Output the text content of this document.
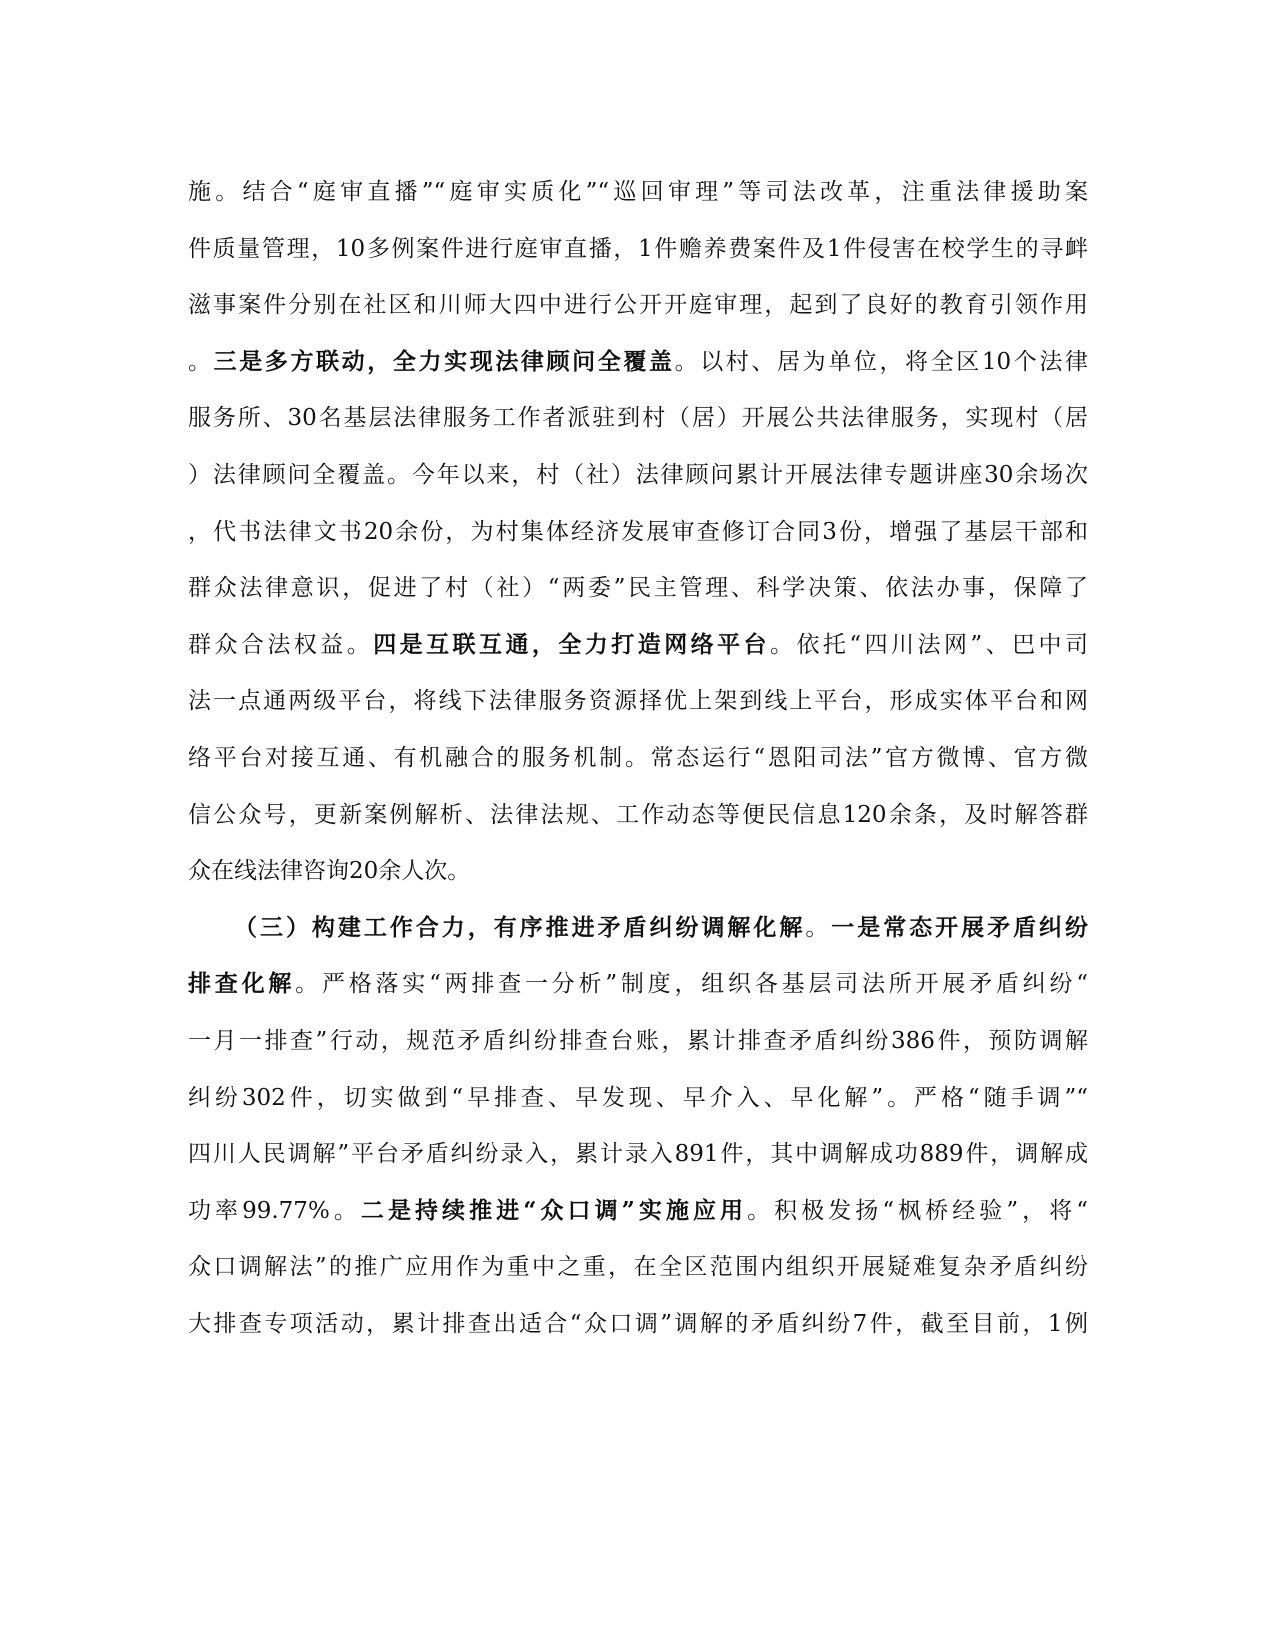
施。结合“庭审直播”“庭审实质化”“巡回审理”等司法改革，注重法律援助案
件质量管理，10多例案件进行庭审直播，1件赡养费案件及1件侵害在校学生的寻衅
滋事案件分别在社区和川师大四中进行公开开庭审理，起到了良好的教育引领作用
。三是多方联动，全力实现法律顾问全覆盖。以村、居为单位，将全区10个法律
服务所、30名基层法律服务工作者派驻到村（居）开展公共法律服务，实现村（居
）法律顾问全覆盖。今年以来，村（社）法律顾问累计开展法律专题讲座30余场次
，代书法律文书20余份，为村集体经济发展审查修订合同3份，增强了基层干部和
群众法律意识，促进了村（社）“两委”民主管理、科学决策、依法办事，保障了
群众合法权益。四是互联互通，全力打造网络平台。依托“四川法网”、巴中司
法一点通两级平台，将线下法律服务资源择优上架到线上平台，形成实体平台和网
络平台对接互通、有机融合的服务机制。常态运行“恩阳司法”官方微博、官方微
信公众号，更新案例解析、法律法规、工作动态等便民信息120余条，及时解答群
众在线法律咨询20余人次。
（三）构建工作合力，有序推进矛盾纠纷调解化解。一是常态开展矛盾纠纷
排查化解。严格落实“两排查一分析”制度，组织各基层司法所开展矛盾纠纷“
一月一排查”行动，规范矛盾纠纷排查台账，累计排查矛盾纠纷386件，预防调解
纠纷302件，切实做到“早排查、早发现、早介入、早化解”。严格“随手调”“
四川人民调解”平台矛盾纠纷录入，累计录入891件，其中调解成功889件，调解成
功率99.77%。二是持续推进“众口调”实施应用。积极发扬“枫桥经验”，将“
众口调解法”的推广应用作为重中之重，在全区范围内组织开展疑难复杂矛盾纠纷
大排查专项活动，累计排查出适合“众口调”调解的矛盾纠纷7件，截至目前，1例
